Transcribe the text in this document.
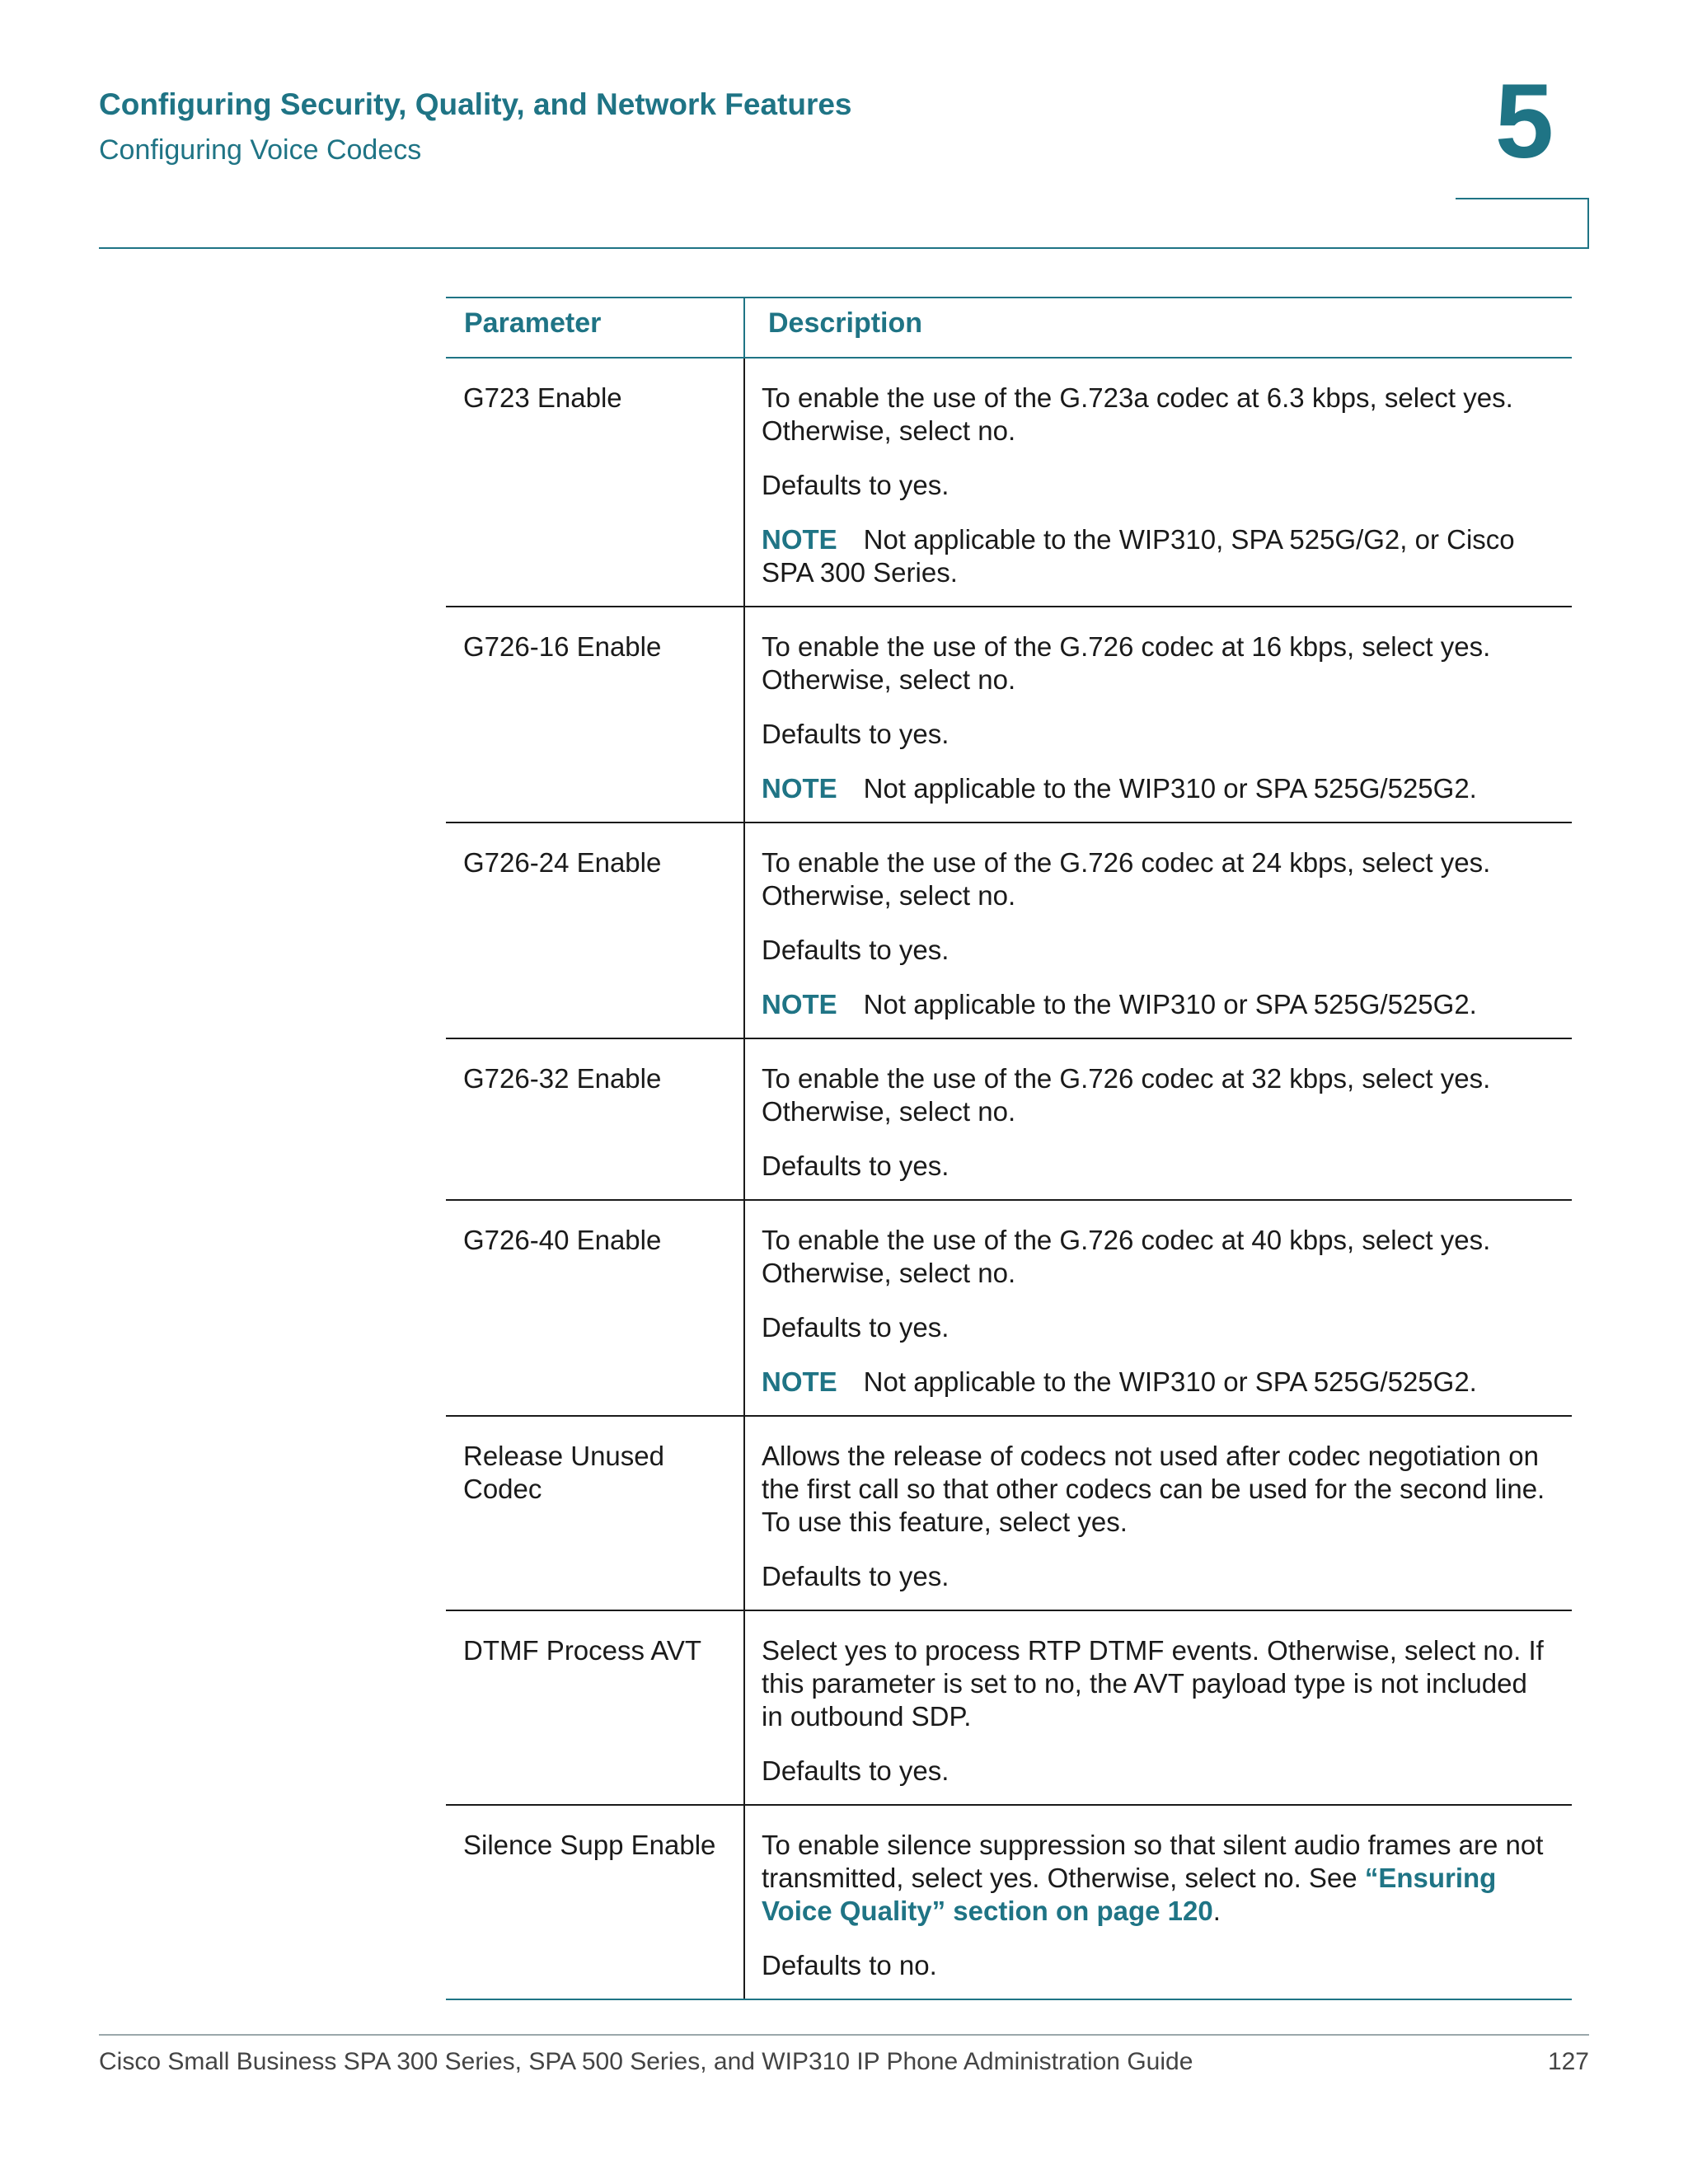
Configuring Security, Quality, and Network Features
Configuring Voice Codecs	5
Parameter	Description
G723 Enable	To enable the use of the G.723a codec at 6.3 kbps, select yes. Otherwise, select no.

Defaults to yes.

NOTE Not applicable to the WIP310, SPA 525G/G2, or Cisco SPA 300 Series.

G726-16 Enable	To enable the use of the G.726 codec at 16 kbps, select yes. Otherwise, select no.

Defaults to yes.

NOTE Not applicable to the WIP310 or SPA 525G/525G2.

G726-24 Enable	To enable the use of the G.726 codec at 24 kbps, select yes. Otherwise, select no.

Defaults to yes.

NOTE Not applicable to the WIP310 or SPA 525G/525G2.

G726-32 Enable	To enable the use of the G.726 codec at 32 kbps, select yes. Otherwise, select no.

Defaults to yes.

G726-40 Enable	To enable the use of the G.726 codec at 40 kbps, select yes. Otherwise, select no.

Defaults to yes.

NOTE Not applicable to the WIP310 or SPA 525G/525G2.

Release Unused Codec	Allows the release of codecs not used after codec negotiation on the first call so that other codecs can be used for the second line. To use this feature, select yes.

Defaults to yes.

DTMF Process AVT	Select yes to process RTP DTMF events. Otherwise, select no. If this parameter is set to no, the AVT payload type is not included in outbound SDP.

Defaults to yes.

Silence Supp Enable	To enable silence suppression so that silent audio frames are not transmitted, select yes. Otherwise, select no. See “Ensuring Voice Quality” section on page 120.

Defaults to no.

Cisco Small Business SPA 300 Series, SPA 500 Series, and WIP310 IP Phone Administration Guide	127
